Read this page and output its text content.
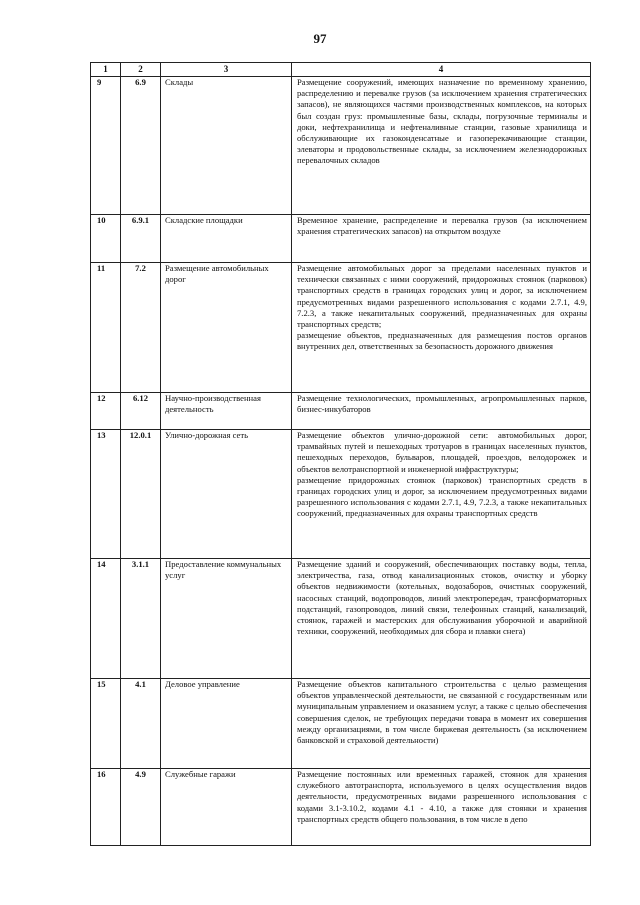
97
1	2	3	4
9	6.9	Склады	Размещение сооружений, имеющих назначение по временному хранению, распределению и перевалке грузов (за исключением хранения стратегических запасов), не являющихся частями производственных комплексов, на которых был создан груз: промышленные базы, склады, погрузочные терминалы и доки, нефтехранилища и нефтеналивные станции, газовые хранилища и обслуживающие их газоконденсатные и газоперекачивающие станции, элеваторы и продовольственные склады, за исключением железнодорожных перевалочных складов
10	6.9.1	Складские площадки	Временное хранение, распределение и перевалка грузов (за исключением хранения стратегических запасов) на открытом воздухе
11	7.2	Размещение автомобильных дорог	Размещение автомобильных дорог за пределами населенных пунктов и технически связанных с ними сооружений, придорожных стоянок (парковок) транспортных средств в границах городских улиц и дорог, за исключением предусмотренных видами разрешенного использования с кодами 2.7.1, 4.9, 7.2.3, а также некапитальных сооружений, предназначенных для охраны транспортных средств;
размещение объектов, предназначенных для размещения постов органов внутренних дел, ответственных за безопасность дорожного движения

12	6.12	Научно-производственная деятельность	Размещение технологических, промышленных, агропромышленных парков, бизнес-инкубаторов
13	12.0.1	Улично-дорожная сеть	Размещение объектов улично-дорожной сети: автомобильных дорог, трамвайных путей и пешеходных тротуаров в границах населенных пунктов, пешеходных переходов, бульваров, площадей, проездов, велодорожек и объектов велотранспортной и инженерной инфраструктуры;
размещение придорожных стоянок (парковок) транспортных средств в границах городских улиц и дорог, за исключением предусмотренных видами разрешенного использования с кодами 2.7.1, 4.9, 7.2.3, а также некапитальных сооружений, предназначенных для охраны транспортных средств

14	3.1.1	Предоставление коммунальных услуг	Размещение зданий и сооружений, обеспечивающих поставку воды, тепла, электричества, газа, отвод канализационных стоков, очистку и уборку объектов недвижимости (котельных, водозаборов, очистных сооружений, насосных станций, водопроводов, линий электропередач, трансформаторных подстанций, газопроводов, линий связи, телефонных станций, канализаций, стоянок, гаражей и мастерских для обслуживания уборочной и аварийной техники, сооружений, необходимых для сбора и плавки снега)
15	4.1	Деловое управление	Размещение объектов капитального строительства с целью размещения объектов управленческой деятельности, не связанной с государственным или муниципальным управлением и оказанием услуг, а также с целью обеспечения совершения сделок, не требующих передачи товара в момент их совершения между организациями, в том числе биржевая деятельность (за исключением банковской и страховой деятельности)
16	4.9	Служебные гаражи	Размещение постоянных или временных гаражей, стоянок для хранения служебного автотранспорта, используемого в целях осуществления видов деятельности, предусмотренных видами разрешенного использования с кодами 3.1-3.10.2, кодами 4.1 - 4.10, а также для стоянки и хранения транспортных средств общего пользования, в том числе в депо
